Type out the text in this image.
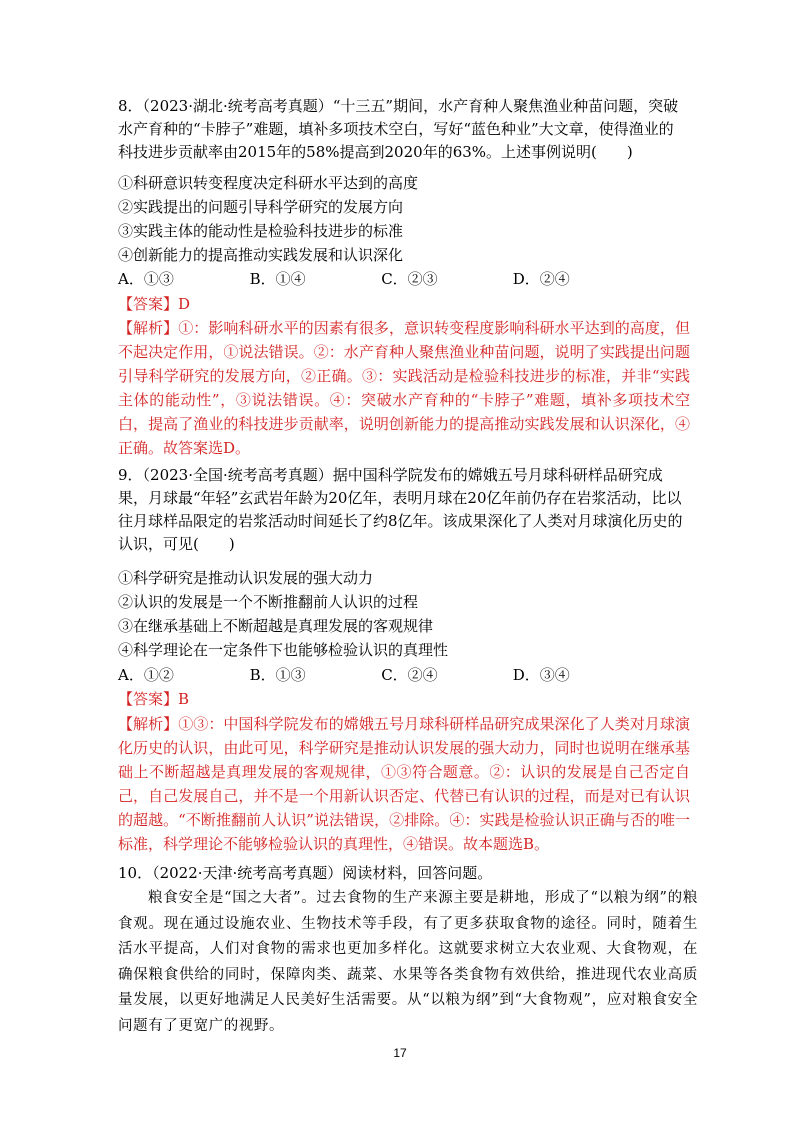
8．（2023·湖北·统考高考真题）“十三五”期间，水产育种人聚焦渔业种苗问题，突破水产育种的“卡脖子”难题，填补多项技术空白，写好“蓝色种业”大文章，使得渔业的科技进步贡献率由2015年的58%提高到2020年的63%。上述事例说明(　　)
①科研意识转变程度决定科研水平达到的高度
②实践提出的问题引导科学研究的发展方向
③实践主体的能动性是检验科技进步的标准
④创新能力的提高推动实践发展和认识深化
A．①③	B．①④	C．②③	D．②④
【答案】D
【解析】①：影响科研水平的因素有很多，意识转变程度影响科研水平达到的高度，但不起决定作用，①说法错误。②：水产育种人聚焦渔业种苗问题，说明了实践提出问题引导科学研究的发展方向，②正确。③：实践活动是检验科技进步的标准，并非“实践主体的能动性”，③说法错误。④：突破水产育种的“卡脖子”难题，填补多项技术空白，提高了渔业的科技进步贡献率，说明创新能力的提高推动实践发展和认识深化，④正确。故答案选D。
9．（2023·全国·统考高考真题）据中国科学院发布的嫦娥五号月球科研样品研究成果，月球最“年轻”玄武岩年龄为20亿年，表明月球在20亿年前仍存在岩浆活动，比以往月球样品限定的岩浆活动时间延长了约8亿年。该成果深化了人类对月球演化历史的认识，可见(　　)
①科学研究是推动认识发展的强大动力
②认识的发展是一个不断推翻前人认识的过程
③在继承基础上不断超越是真理发展的客观规律
④科学理论在一定条件下也能够检验认识的真理性
A．①②	B．①③	C．②④	D．③④
【答案】B
【解析】①③：中国科学院发布的嫦娥五号月球科研样品研究成果深化了人类对月球演化历史的认识，由此可见，科学研究是推动认识发展的强大动力，同时也说明在继承基础上不断超越是真理发展的客观规律，①③符合题意。②：认识的发展是自己否定自己，自己发展自己，并不是一个用新认识否定、代替已有认识的过程，而是对已有认识的超越。“不断推翻前人认识”说法错误，②排除。④：实践是检验认识正确与否的唯一标准，科学理论不能够检验认识的真理性，④错误。故本题选B。
10．（2022·天津·统考高考真题）阅读材料，回答问题。
粮食安全是“国之大者”。过去食物的生产来源主要是耕地，形成了“以粮为纲”的粮食观。现在通过设施农业、生物技术等手段，有了更多获取食物的途径。同时，随着生活水平提高，人们对食物的需求也更加多样化。这就要求树立大农业观、大食物观，在确保粮食供给的同时，保障肉类、蔬菜、水果等各类食物有效供给，推进现代农业高质量发展，以更好地满足人民美好生活需要。从“以粮为纲”到“大食物观”，应对粮食安全问题有了更宽广的视野。
17
